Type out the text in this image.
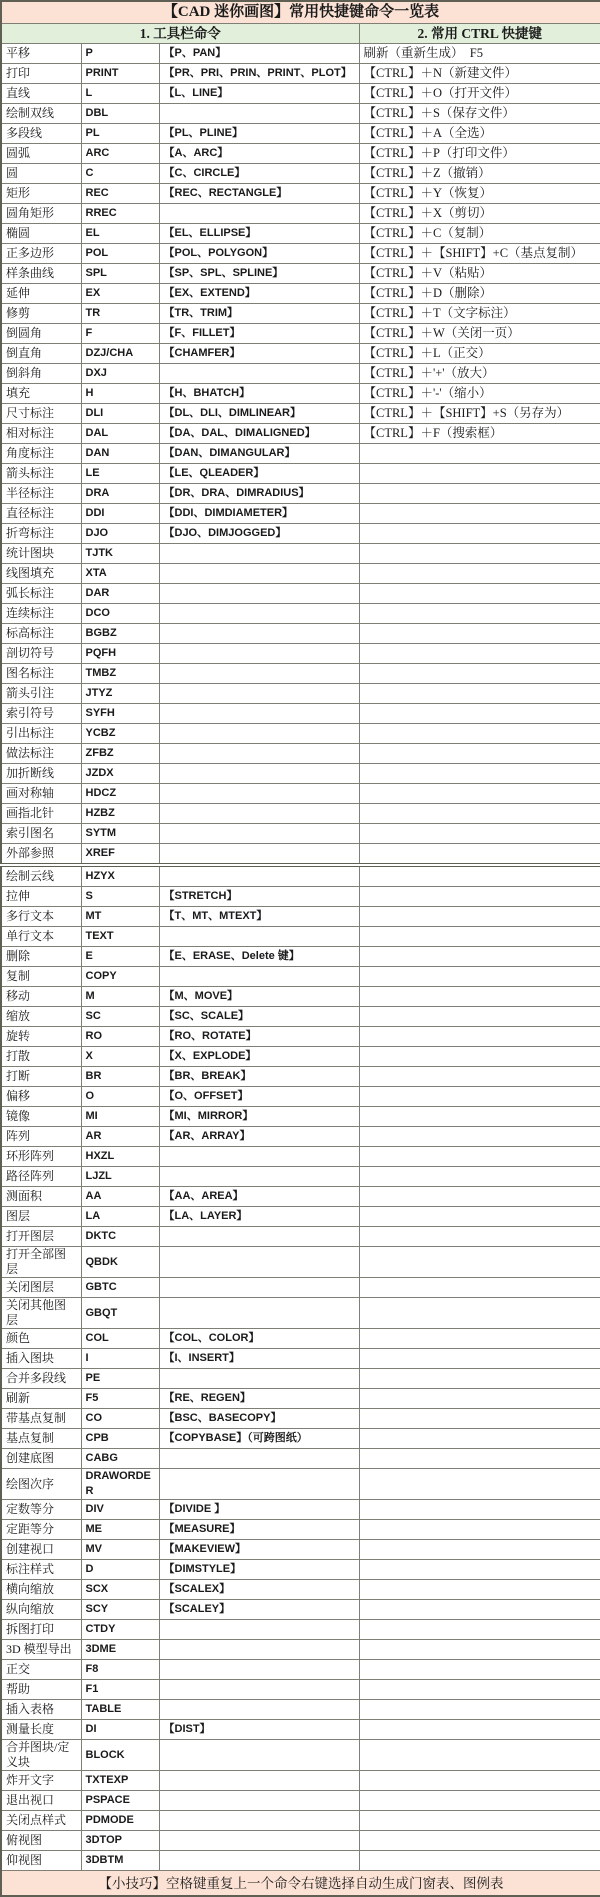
【CAD 迷你画图】常用快捷键命令一览表			
1. 工具栏命令			2. 常用 CTRL 快捷键
平移	P	【P、PAN】	刷新（重新生成）　F5
打印	PRINT	【PR、PRI、PRIN、PRINT、PLOT】	【CTRL】＋N（新建文件）
直线	L	【L、LINE】	【CTRL】＋O（打开文件）
绘制双线	DBL		【CTRL】＋S（保存文件）
多段线	PL	【PL、PLINE】	【CTRL】＋A（全选）
圆弧	ARC	【A、ARC】	【CTRL】＋P（打印文件）
圆	C	【C、CIRCLE】	【CTRL】＋Z（撤销）
矩形	REC	【REC、RECTANGLE】	【CTRL】＋Y（恢复）
圆角矩形	RREC		【CTRL】＋X（剪切）
椭圆	EL	【EL、ELLIPSE】	【CTRL】＋C（复制）
正多边形	POL	【POL、POLYGON】	【CTRL】＋【SHIFT】+C（基点复制）
样条曲线	SPL	【SP、SPL、SPLINE】	【CTRL】＋V（粘贴）
延伸	EX	【EX、EXTEND】	【CTRL】＋D（删除）
修剪	TR	【TR、TRIM】	【CTRL】＋T（文字标注）
倒圆角	F	【F、FILLET】	【CTRL】＋W（关闭一页）
倒直角	DZJ/CHA	【CHAMFER】	【CTRL】＋L（正交）
倒斜角	DXJ		【CTRL】＋'+'（放大）
填充	H	【H、BHATCH】	【CTRL】＋'-'（缩小）
尺寸标注	DLI	【DL、DLI、DIMLINEAR】	【CTRL】＋【SHIFT】+S（另存为）
相对标注	DAL	【DA、DAL、DIMALIGNED】	【CTRL】＋F（搜索框）
角度标注	DAN	【DAN、DIMANGULAR】	
箭头标注	LE	【LE、QLEADER】	
半径标注	DRA	【DR、DRA、DIMRADIUS】	
直径标注	DDI	【DDI、DIMDIAMETER】	
折弯标注	DJO	【DJO、DIMJOGGED】	
统计图块	TJTK		
线图填充	XTA		
弧长标注	DAR		
连续标注	DCO		
标高标注	BGBZ		
剖切符号	PQFH		
图名标注	TMBZ		
箭头引注	JTYZ		
索引符号	SYFH		
引出标注	YCBZ		
做法标注	ZFBZ		
加折断线	JZDX		
画对称轴	HDCZ		
画指北针	HZBZ		
索引图名	SYTM		
外部参照	XREF		
绘制云线	HZYX		
拉伸	S	【STRETCH】	
多行文本	MT	【T、MT、MTEXT】	
单行文本	TEXT		
删除	E	【E、ERASE、Delete 键】	
复制	COPY		
移动	M	【M、MOVE】	
缩放	SC	【SC、SCALE】	
旋转	RO	【RO、ROTATE】	
打散	X	【X、EXPLODE】	
打断	BR	【BR、BREAK】	
偏移	O	【O、OFFSET】	
镜像	MI	【MI、MIRROR】	
阵列	AR	【AR、ARRAY】	
环形阵列	HXZL		
路径阵列	LJZL		
测面积	AA	【AA、AREA】	
图层	LA	【LA、LAYER】	
打开图层	DKTC		
打开全部图层	QBDK		
关闭图层	GBTC		
关闭其他图层	GBQT		
颜色	COL	【COL、COLOR】	
插入图块	I	【I、INSERT】	
合并多段线	PE		
刷新	F5	【RE、REGEN】	
带基点复制	CO	【BSC、BASECOPY】	
基点复制	CPB	【COPYBASE】（可跨图纸）	
创建底图	CABG		
绘图次序	DRAWORDER		
定数等分	DIV	【DIVIDE 】	
定距等分	ME	【MEASURE】	
创建视口	MV	【MAKEVIEW】	
标注样式	D	【DIMSTYLE】	
横向缩放	SCX	【SCALEX】	
纵向缩放	SCY	【SCALEY】	
拆图打印	CTDY		
3D 模型导出	3DME		
正交	F8		
帮助	F1		
插入表格	TABLE		
测量长度	DI	【DIST】	
合并图块/定义块	BLOCK		
炸开文字	TXTEXP		
退出视口	PSPACE		
关闭点样式	PDMODE		
俯视图	3DTOP		
仰视图	3DBTM		
【小技巧】空格键重复上一个命令右键选择自动生成门窗表、图例表			
